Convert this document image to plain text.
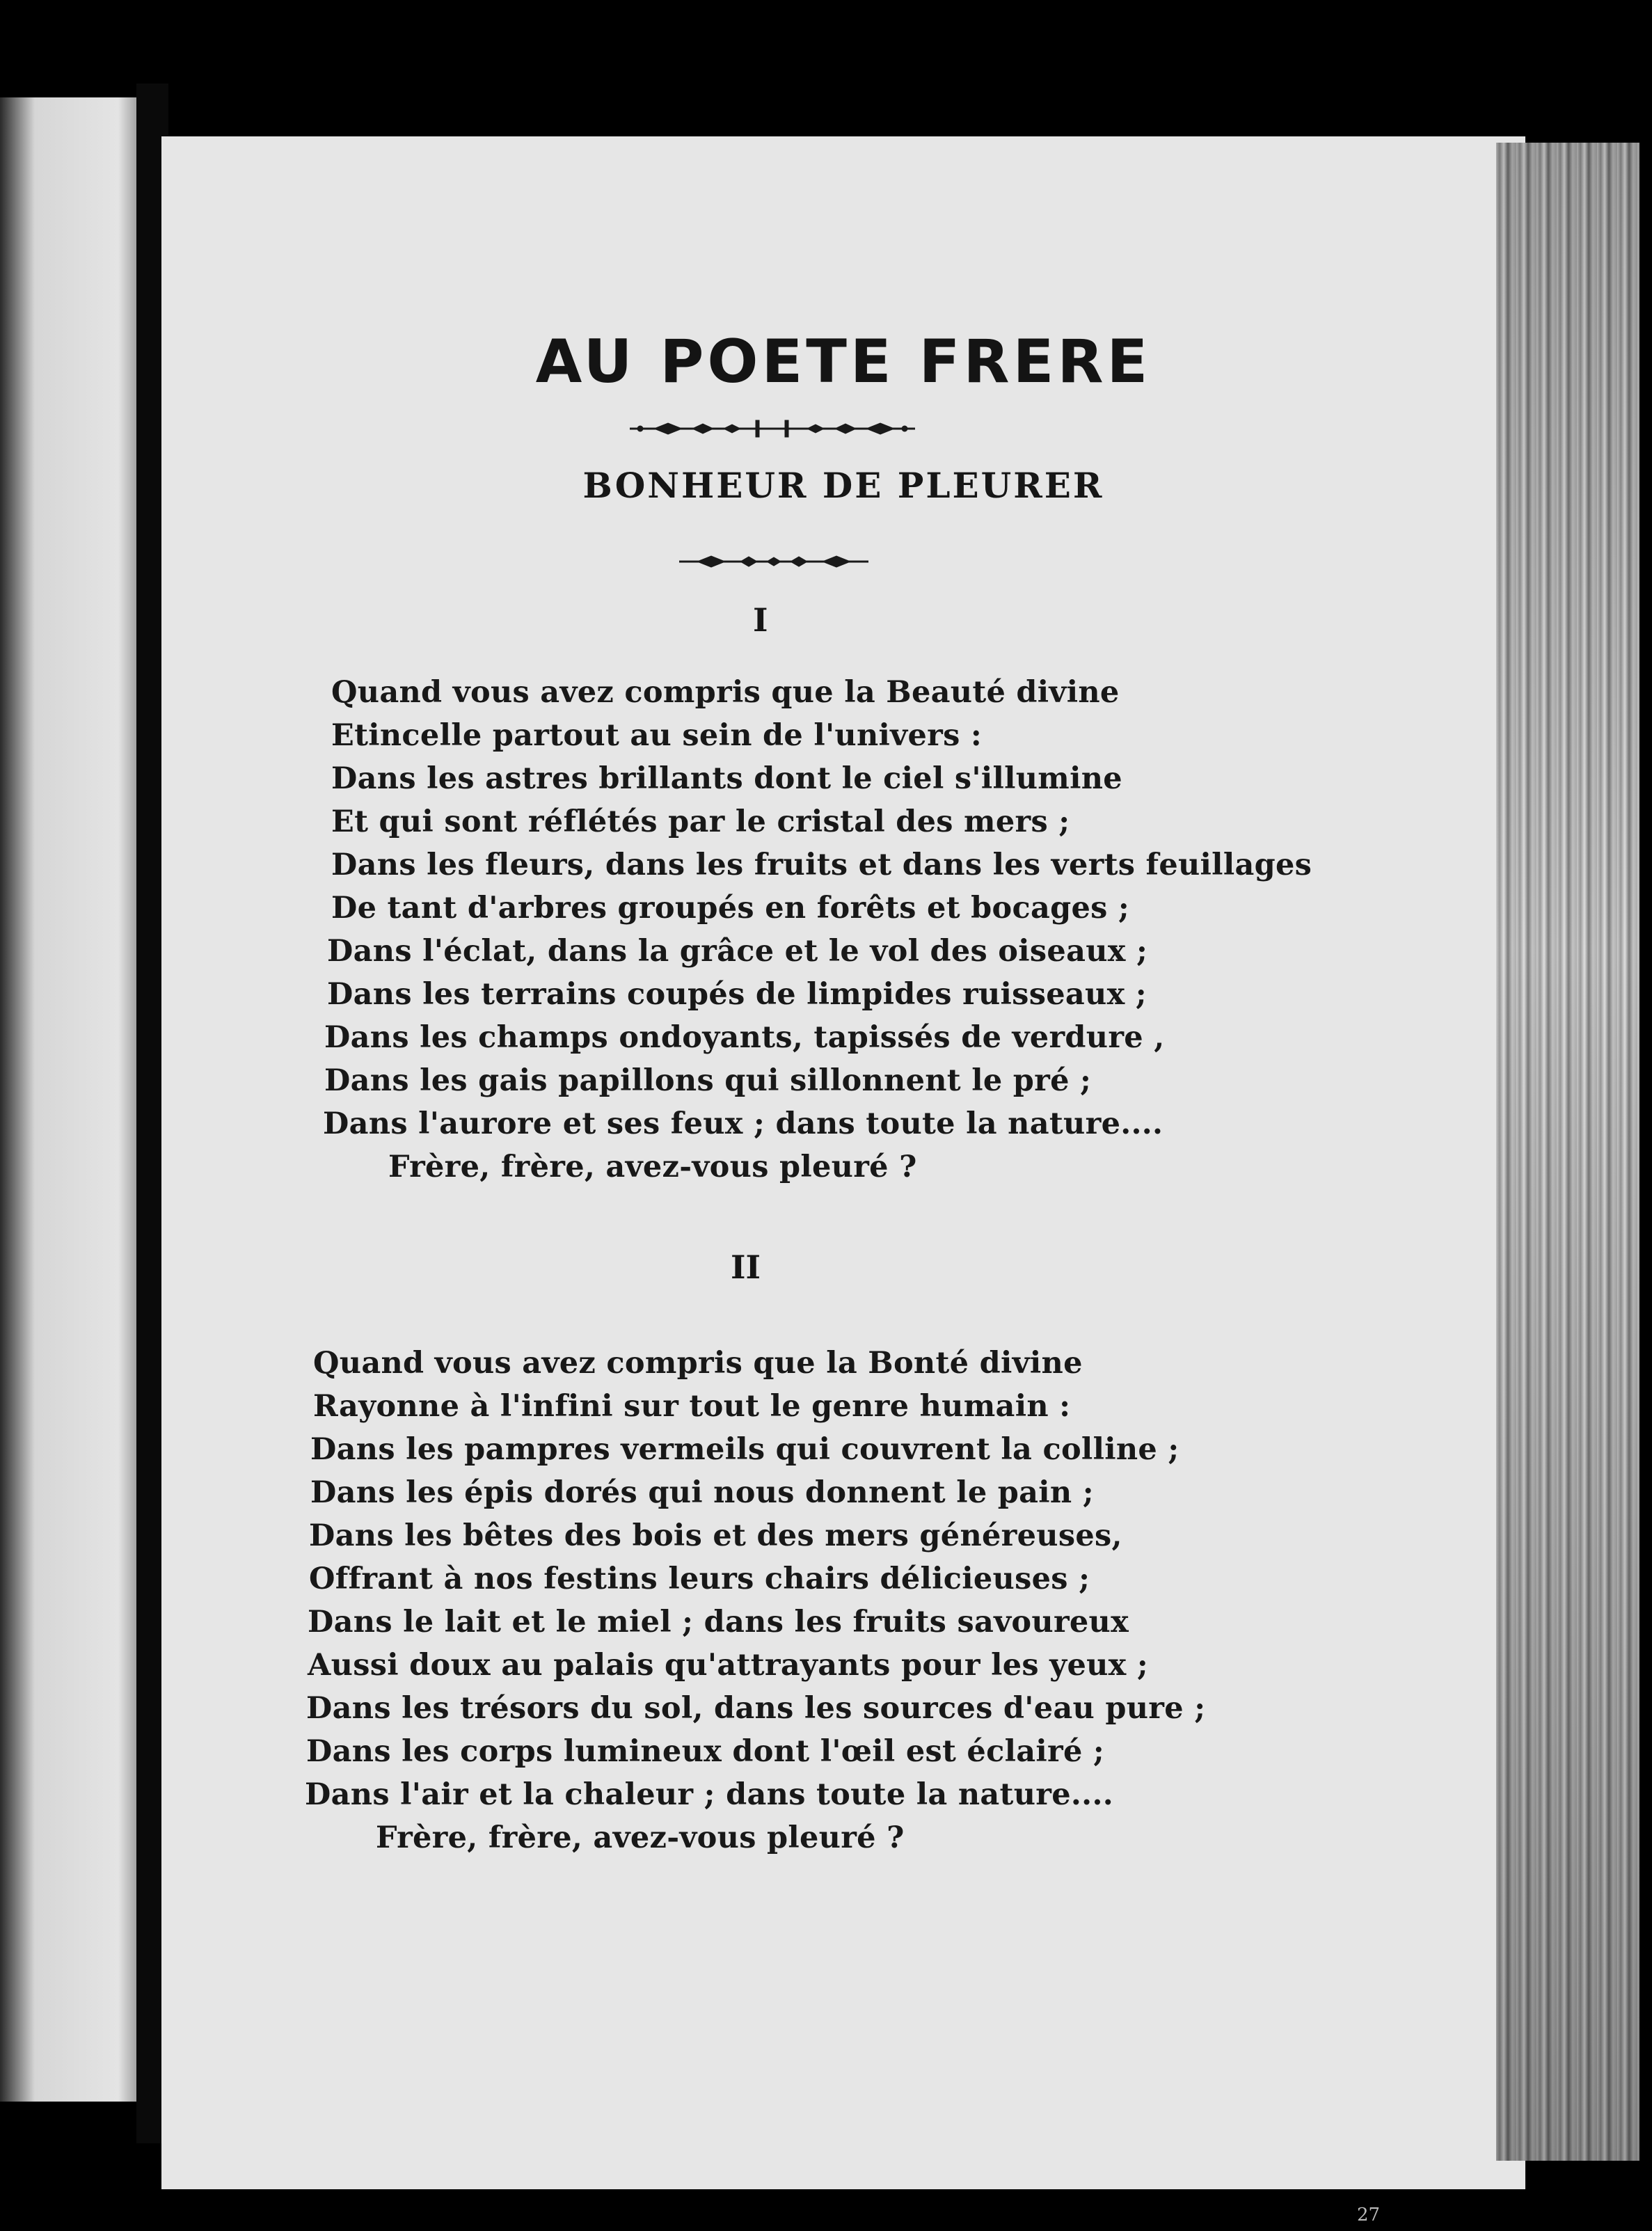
AU POETE FRERE
BONHEUR DE PLEURER
I
Quand vous avez compris que la Beauté divine
Etincelle partout au sein de l'univers :
Dans les astres brillants dont le ciel s'illumine
Et qui sont réflétés par le cristal des mers ;
Dans les fleurs, dans les fruits et dans les verts feuillages
De tant d'arbres groupés en forêts et bocages ;
Dans l'éclat, dans la grâce et le vol des oiseaux ;
Dans les terrains coupés de limpides ruisseaux ;
Dans les champs ondoyants, tapissés de verdure ,
Dans les gais papillons qui sillonnent le pré ;
Dans l'aurore et ses feux ; dans toute la nature....
Frère, frère, avez-vous pleuré ?
II
Quand vous avez compris que la Bonté divine
Rayonne à l'infini sur tout le genre humain :
Dans les pampres vermeils qui couvrent la colline ;
Dans les épis dorés qui nous donnent le pain ;
Dans les bêtes des bois et des mers généreuses,
Offrant à nos festins leurs chairs délicieuses ;
Dans le lait et le miel ; dans les fruits savoureux
Aussi doux au palais qu'attrayants pour les yeux ;
Dans les trésors du sol, dans les sources d'eau pure ;
Dans les corps lumineux dont l'œil est éclairé ;
Dans l'air et la chaleur ; dans toute la nature....
Frère, frère, avez-vous pleuré ?
27
